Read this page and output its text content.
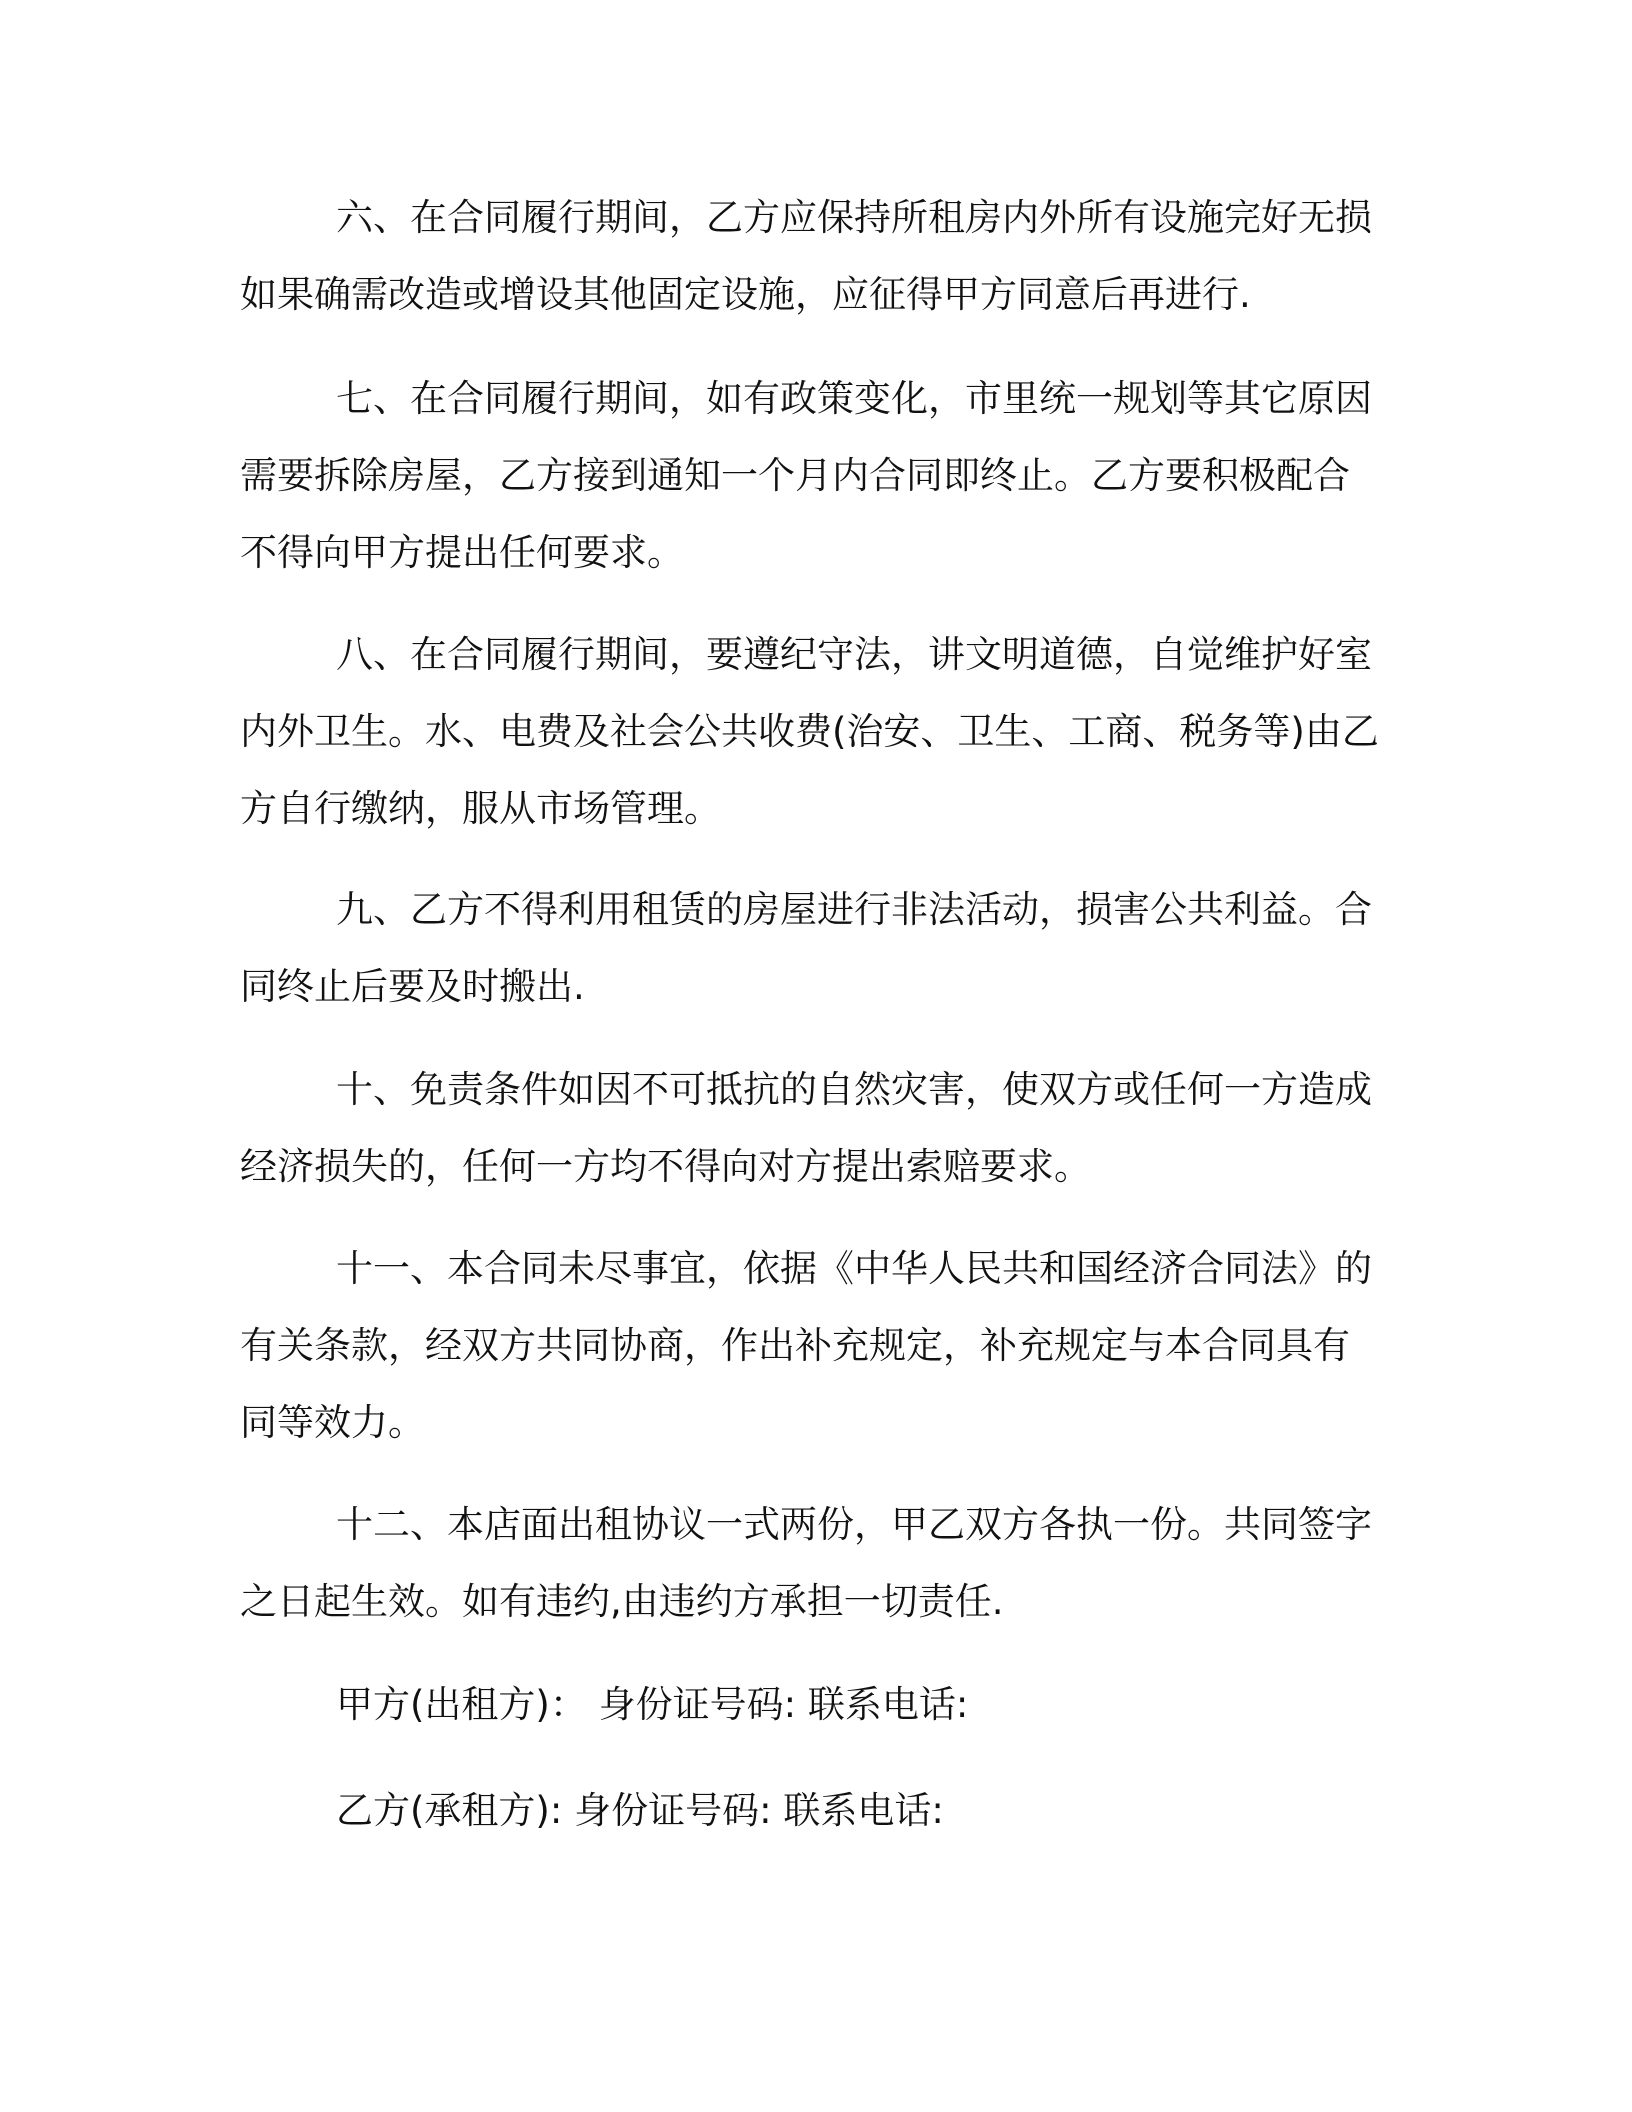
六、在合同履行期间，乙方应保持所租房内外所有设施完好无损

如果确需改造或增设其他固定设施，应征得甲方同意后再进行.

七、在合同履行期间，如有政策变化，市里统一规划等其它原因

需要拆除房屋，乙方接到通知一个月内合同即终止。乙方要积极配合

不得向甲方提出任何要求。

八、在合同履行期间，要遵纪守法，讲文明道德，自觉维护好室

内外卫生。水、电费及社会公共收费(治安、卫生、工商、税务等)由乙

方自行缴纳，服从市场管理。

九、乙方不得利用租赁的房屋进行非法活动，损害公共利益。合

同终止后要及时搬出.

十、免责条件如因不可抵抗的自然灾害，使双方或任何一方造成

经济损失的，任何一方均不得向对方提出索赔要求。

十一、本合同未尽事宜，依据《中华人民共和国经济合同法》的

有关条款，经双方共同协商，作出补充规定，补充规定与本合同具有

同等效力。

十二、本店面出租协议一式两份，甲乙双方各执一份。共同签字

之日起生效。如有违约,由违约方承担一切责任.

甲方(出租方)： 身份证号码: 联系电话:

乙方(承租方): 身份证号码: 联系电话:
